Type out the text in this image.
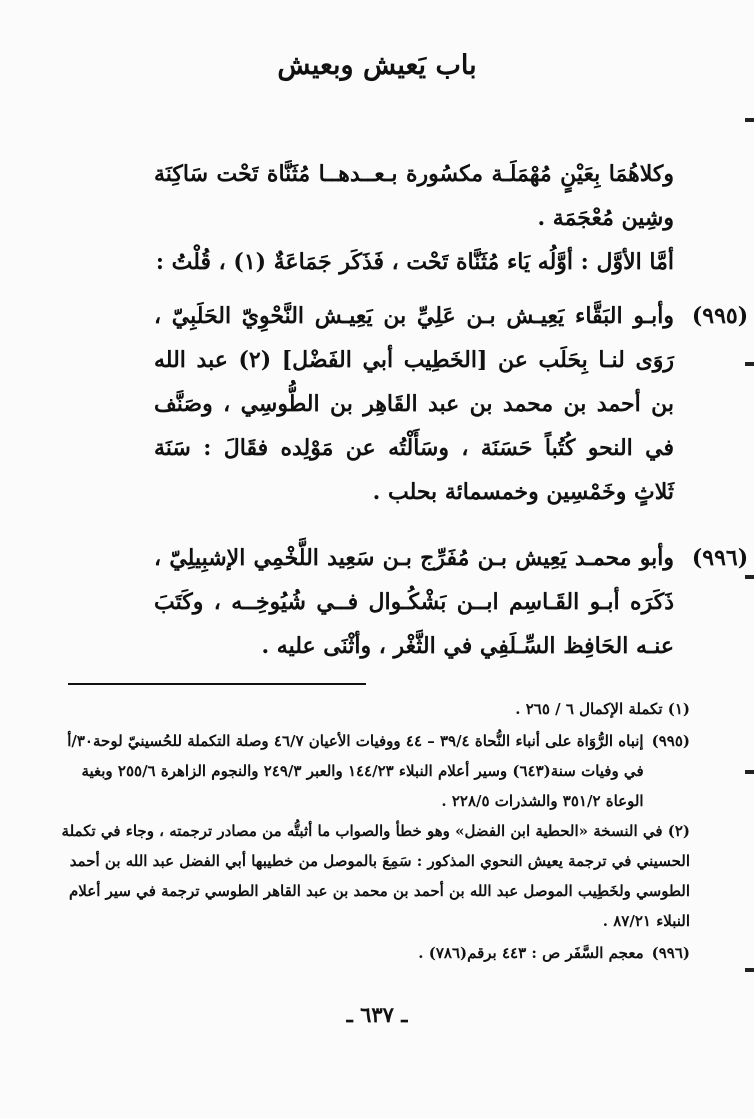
باب يَعيش وبعيش

وكلاهُمَا بِعَيْنٍ مُهْمَلَـة مكسُورة بـعــدهــا مُثَنَّاة تَحْت سَاكِنَة وشِين مُعْجَمَة .

أمَّا الأوَّل : أوَّلُه يَاء مُثَنَّاة تَحْت ، فَذَكَر جَمَاعَةٌ (١) ، قُلْتُ :

(٩٩٥)
وأبـو البَقَّاء يَعِيـش بـن عَلِيِّ بن يَعِيـش النَّحْوِيّ الحَلَبِيّ ، رَوَى لنـا بِحَلَب عن [الخَطِيب أبي الفَضْل] (٢) عبد الله بن أحمد بن محمد بن عبد القَاهِر بن الطُّوسِي ، وصَنَّف في النحو كُتُباً حَسَنَة ، وسَأَلْتُه عن مَوْلِده فقَالَ : سَنَة ثَلاثٍ وخَمْسِين وخمسمائة بحلب .

(٩٩٦)
وأبو محمـد يَعِيش بـن مُفَرِّج بـن سَعِيد اللَّخْمِي الإشبِيلِيّ ، ذَكَرَه أبـو القَـاسِم ابــن بَشْكُـوال فــي شُيُوخِــه ، وكَتَبَ عنـه الحَافِظ السِّـلَفِي في الثَّغْر ، وأثْنَى عليه .

(١) تكملة الإكمال ٦ / ٢٦٥ .

(٩٩٥)
إنباه الرُّوَاة على أنباء النُّحاة ٣٩/٤ – ٤٤ ووفيات الأعيان ٤٦/٧ وصلة التكملة للحُسينيّ لوحة٣٠/أ في وفيات سنة(٦٤٣) وسير أعلام النبلاء ١٤٤/٢٣ والعبر ٢٤٩/٣ والنجوم الزاهرة ٢٥٥/٦ وبغية الوعاة ٣٥١/٢ والشذرات ٢٢٨/٥ .

(٢) في النسخة «الحطية ابن الفضل» وهو خطأ والصواب ما أثبتُّه من مصادر ترجمته ، وجاء في تكملة الحسيني في ترجمة يعيش النحوي المذكور : سَمِعَ بالموصل من خطيبها أبي الفضل عبد الله بن أحمد الطوسي ولخَطِيب الموصل عبد الله بن أحمد بن محمد بن عبد القاهر الطوسي ترجمة في سير أعلام النبلاء ٨٧/٢١ .

(٩٩٦)
معجم السَّفَر ص : ٤٤٣ برقم(٧٨٦) .
ـ ٦٣٧ ـ
